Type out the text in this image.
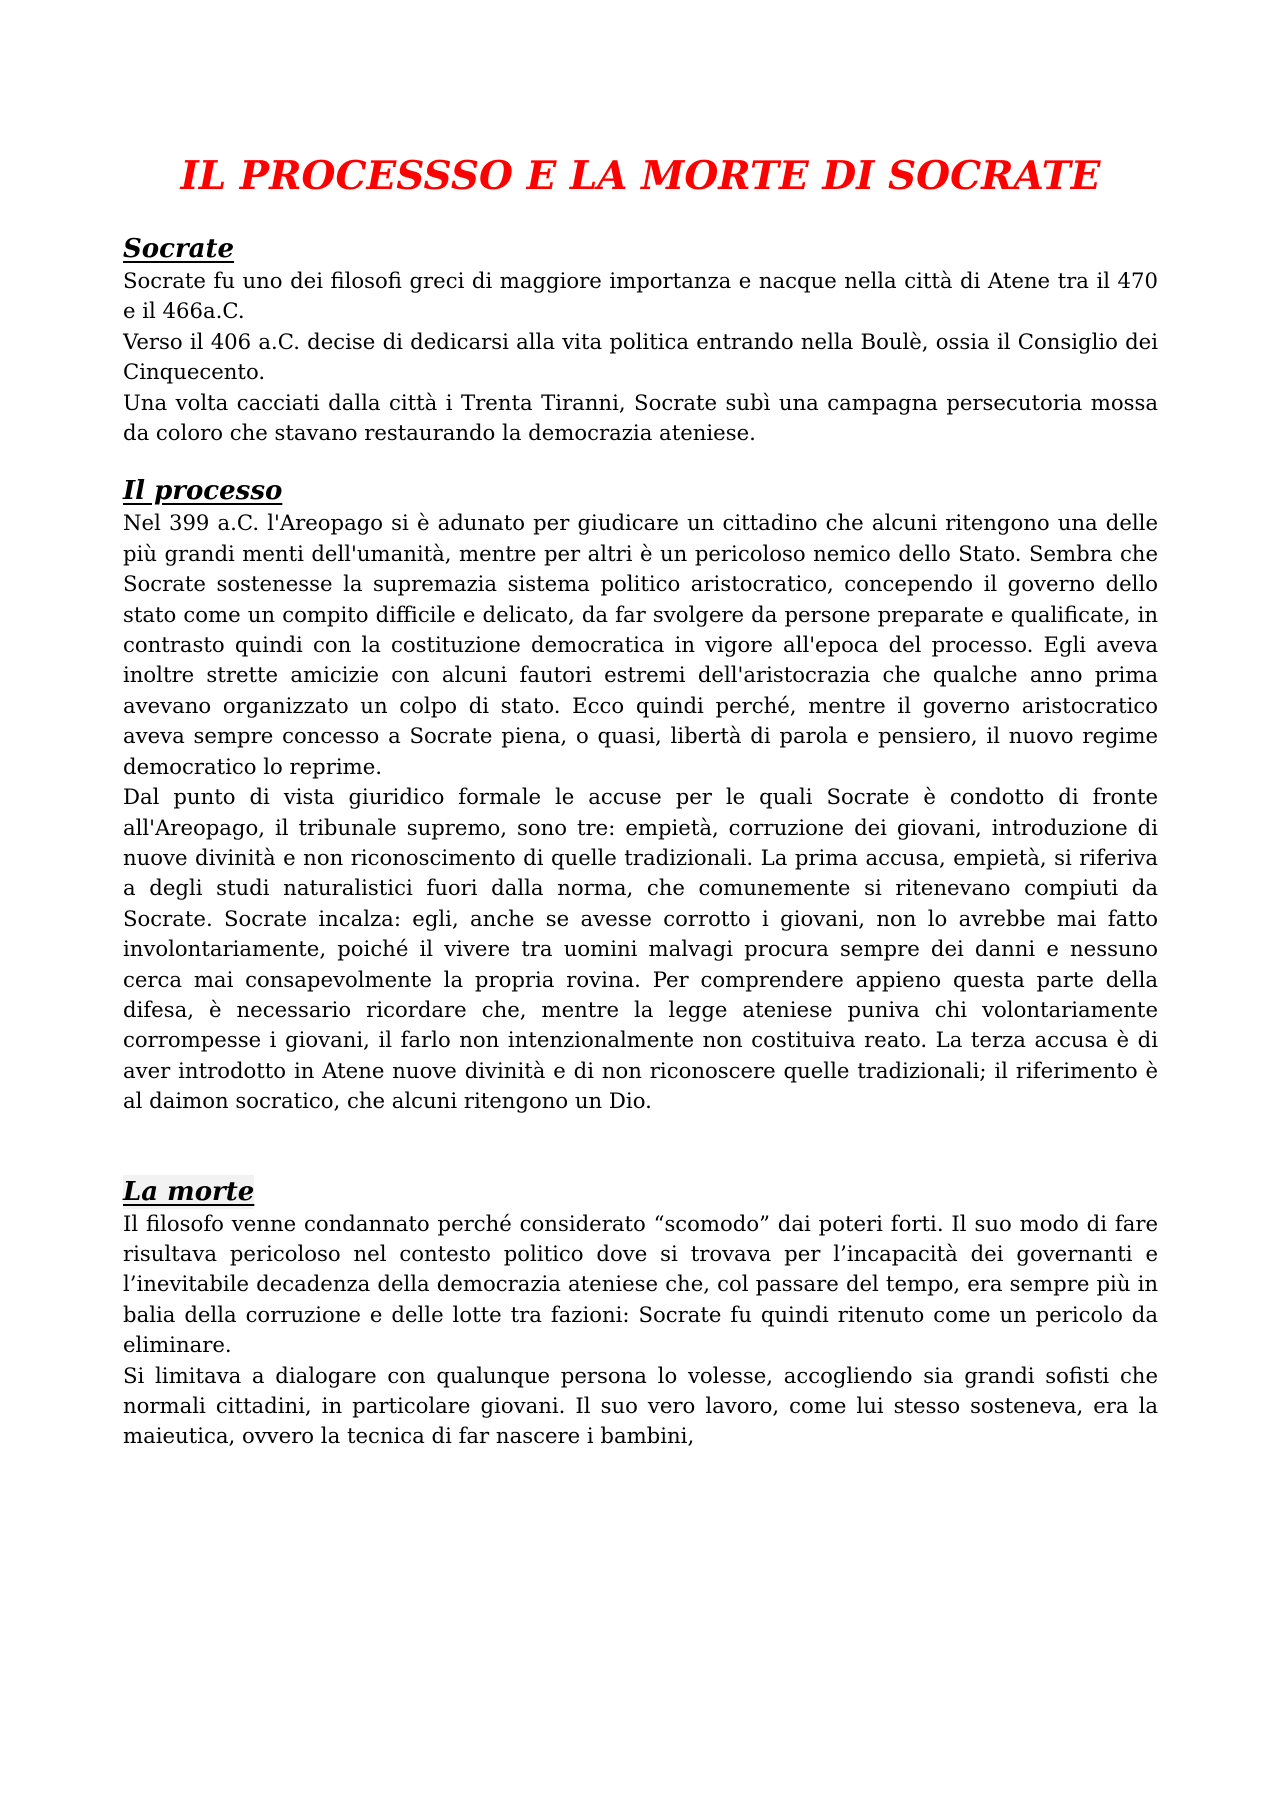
IL PROCESSSO E LA MORTE DI SOCRATE
Socrate

Socrate fu uno dei filosofi greci di maggiore importanza e nacque nella città di Atene tra il 470 e il 466a.C.

Verso il 406 a.C. decise di dedicarsi alla vita politica entrando nella Boulè, ossia il Consiglio dei Cinquecento.

Una volta cacciati dalla città i Trenta Tiranni, Socrate subì una campagna persecutoria mossa da coloro che stavano restaurando la democrazia ateniese.

Il processo

Nel 399 a.C. l'Areopago si è adunato per giudicare un cittadino che alcuni ritengono una delle più grandi menti dell'umanità, mentre per altri è un pericoloso nemico dello Stato. Sembra che Socrate sostenesse la supremazia sistema politico aristocratico, concependo il governo dello stato come un compito difficile e delicato, da far svolgere da persone preparate e qualificate, in contrasto quindi con la costituzione democratica in vigore all'epoca del processo. Egli aveva inoltre strette amicizie con alcuni fautori estremi dell'aristocrazia che qualche anno prima avevano organizzato un colpo di stato. Ecco quindi perché, mentre il governo aristocratico aveva sempre concesso a Socrate piena, o quasi, libertà di parola e pensiero, il nuovo regime democratico lo reprime.

Dal punto di vista giuridico formale le accuse per le quali Socrate è condotto di fronte all'Areopago, il tribunale supremo, sono tre: empietà, corruzione dei giovani, introduzione di nuove divinità e non riconoscimento di quelle tradizionali. La prima accusa, empietà, si riferiva a degli studi naturalistici fuori dalla norma, che comunemente si ritenevano compiuti da Socrate. Socrate incalza: egli, anche se avesse corrotto i giovani, non lo avrebbe mai fatto involontariamente, poiché il vivere tra uomini malvagi procura sempre dei danni e nessuno cerca mai consapevolmente la propria rovina. Per comprendere appieno questa parte della difesa, è necessario ricordare che, mentre la legge ateniese puniva chi volontariamente corrompesse i giovani, il farlo non intenzionalmente non costituiva reato. La terza accusa è di aver introdotto in Atene nuove divinità e di non riconoscere quelle tradizionali; il riferimento è al daimon socratico, che alcuni ritengono un Dio.

La morte

Il filosofo venne condannato perché considerato “scomodo” dai poteri forti. Il suo modo di fare risultava pericoloso nel contesto politico dove si trovava per l’incapacità dei governanti e l’inevitabile decadenza della democrazia ateniese che, col passare del tempo, era sempre più in balia della corruzione e delle lotte tra fazioni: Socrate fu quindi ritenuto come un pericolo da eliminare.

Si limitava a dialogare con qualunque persona lo volesse, accogliendo sia grandi sofisti che normali cittadini, in particolare giovani. Il suo vero lavoro, come lui stesso sosteneva, era la maieutica, ovvero la tecnica di far nascere i bambini,
